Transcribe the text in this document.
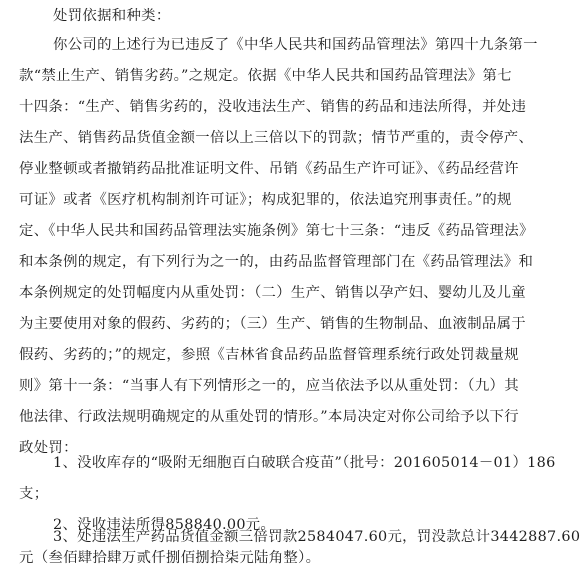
处罚依据和种类：
你公司的上述行为已违反了《中华人民共和国药品管理法》第四十九条第一
款“禁止生产、销售劣药。”之规定。依据《中华人民共和国药品管理法》第七
十四条：“生产、销售劣药的，没收违法生产、销售的药品和违法所得，并处违
法生产、销售药品货值金额一倍以上三倍以下的罚款；情节严重的，责令停产、
停业整顿或者撤销药品批准证明文件、吊销《药品生产许可证》、《药品经营许
可证》或者《医疗机构制剂许可证》；构成犯罪的，依法追究刑事责任。”的规
定、《中华人民共和国药品管理法实施条例》第七十三条：“违反《药品管理法》
和本条例的规定，有下列行为之一的，由药品监督管理部门在《药品管理法》和
本条例规定的处罚幅度内从重处罚：（二）生产、销售以孕产妇、婴幼儿及儿童
为主要使用对象的假药、劣药的；（三）生产、销售的生物制品、血液制品属于
假药、劣药的；”的规定，参照《吉林省食品药品监督管理系统行政处罚裁量规
则》第十一条：“当事人有下列情形之一的，应当依法予以从重处罚：（九）其
他法律、行政法规明确规定的从重处罚的情形。”本局决定对你公司给予以下行
政处罚：
1、没收库存的“吸附无细胞百白破联合疫苗”（批号：201605014－01）186
支；
2、没收违法所得858840.00元。
3、处违法生产药品货值金额三倍罚款2584047.60元，罚没款总计3442887.60
元（叁佰肆拾肆万贰仟捌佰捌拾柒元陆角整）。
